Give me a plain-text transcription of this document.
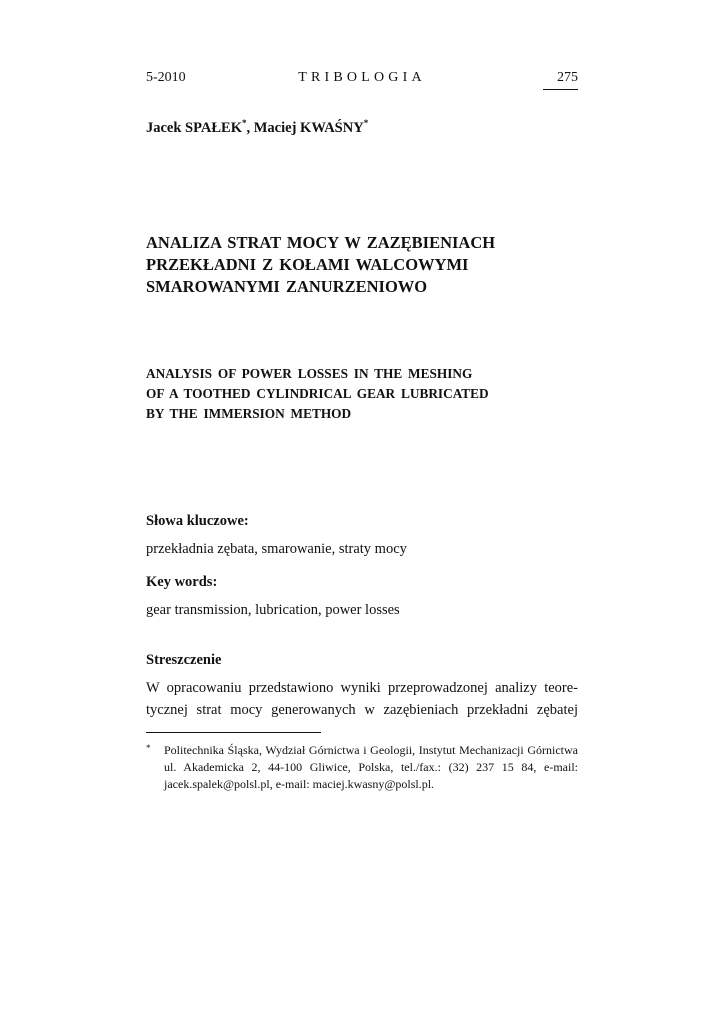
5-2010	TRIBOLOGIA	275
Jacek SPAŁEK*, Maciej KWAŚNY*
ANALIZA STRAT MOCY W ZAZĘBIENIACH
PRZEKŁADNI Z KOŁAMI WALCOWYMI
SMAROWANYMI ZANURZENIOWO
ANALYSIS OF POWER LOSSES IN THE MESHING
OF A TOOTHED CYLINDRICAL GEAR LUBRICATED
BY THE IMMERSION METHOD
Słowa kluczowe:
przekładnia zębata, smarowanie, straty mocy
Key words:
gear transmission, lubrication, power losses
Streszczenie
W opracowaniu przedstawiono wyniki przeprowadzonej analizy teore-
tycznej strat mocy generowanych w zazębieniach przekładni zębatej
* Politechnika Śląska, Wydział Górnictwa i Geologii, Instytut Mechanizacji Górnictwa
ul. Akademicka 2, 44-100 Gliwice, Polska, tel./fax.: (32) 237 15 84, e-mail:
jacek.spalek@polsl.pl, e-mail: maciej.kwasny@polsl.pl.
